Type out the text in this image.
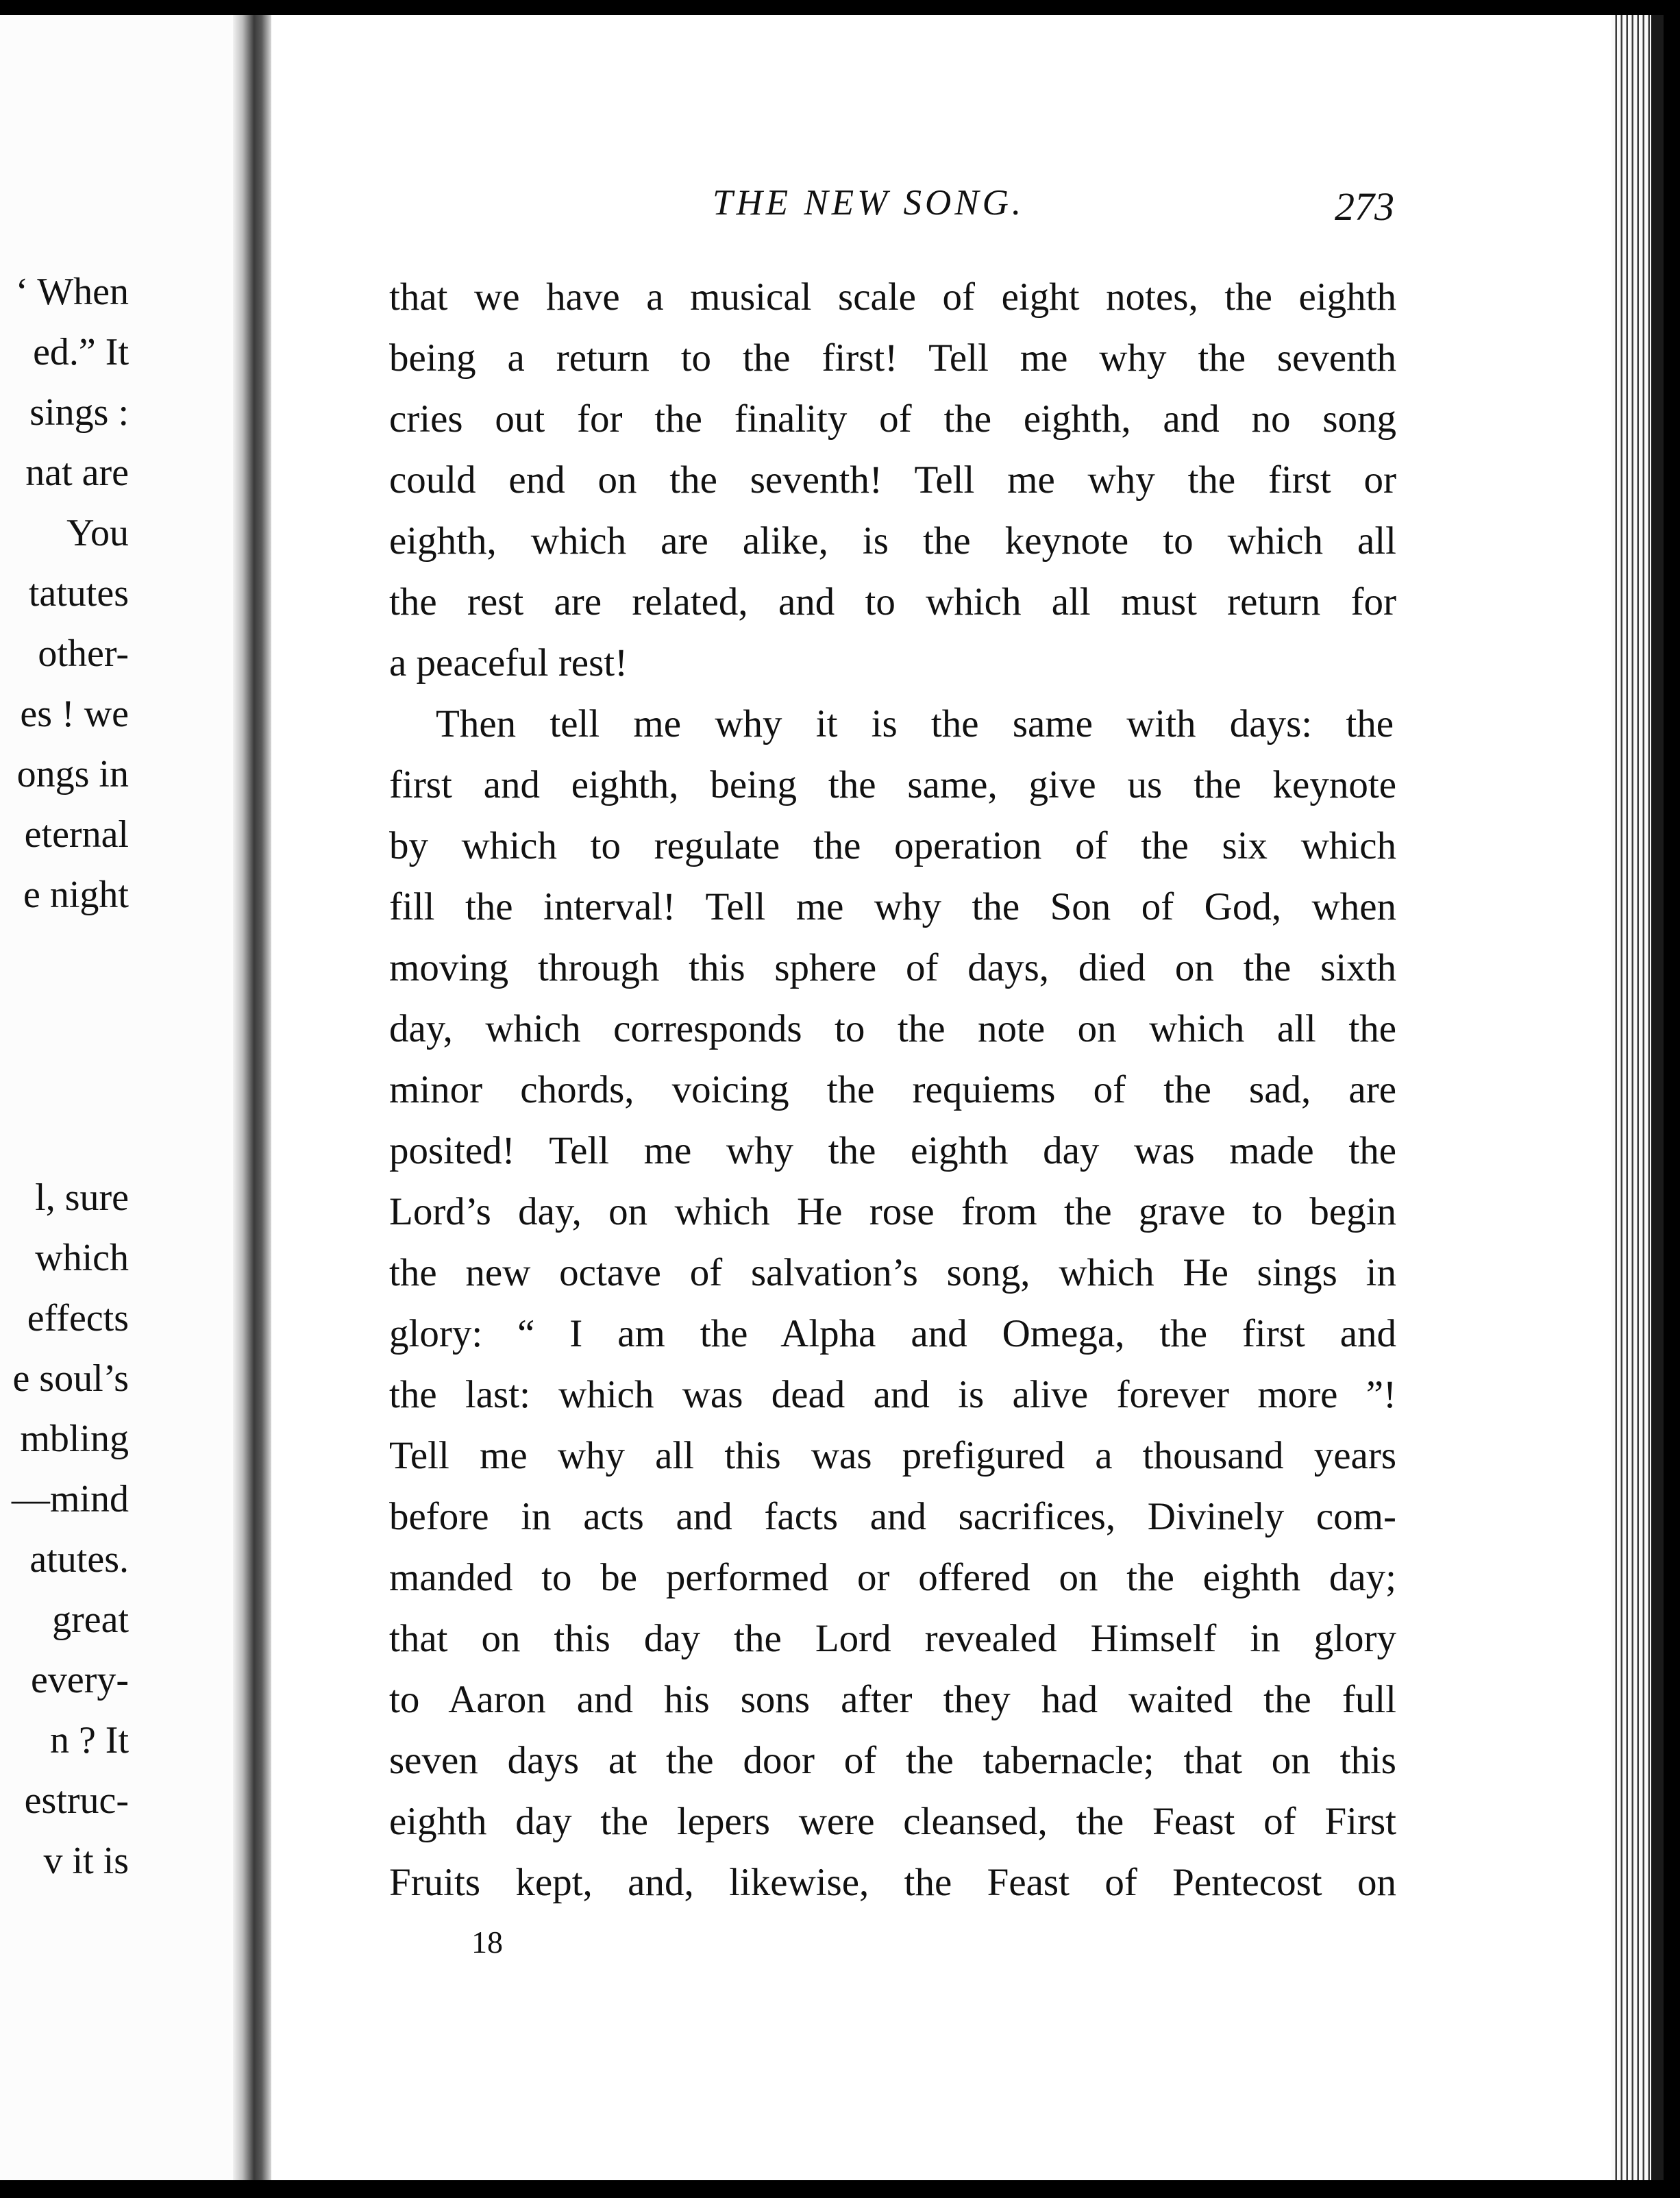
‘ When
ed.” It
sings :
nat are
You
tatutes
other-
es ! we
ongs in
eternal
e night
l, sure
which
effects
e soul’s
mbling
—mind
atutes.
great
every-
n ? It
estruc-
v it is
THE NEW SONG.	273
that we have a musical scale of eight notes, the eighth
being a return to the first! Tell me why the seventh
cries out for the finality of the eighth, and no song
could end on the seventh! Tell me why the first or
eighth, which are alike, is the keynote to which all
the rest are related, and to which all must return for
a peaceful rest!
Then tell me why it is the same with days: the
first and eighth, being the same, give us the keynote
by which to regulate the operation of the six which
fill the interval! Tell me why the Son of God, when
moving through this sphere of days, died on the sixth
day, which corresponds to the note on which all the
minor chords, voicing the requiems of the sad, are
posited! Tell me why the eighth day was made the
Lord’s day, on which He rose from the grave to begin
the new octave of salvation’s song, which He sings in
glory: “ I am the Alpha and Omega, the first and
the last: which was dead and is alive forever more ”!
Tell me why all this was prefigured a thousand years
before in acts and facts and sacrifices, Divinely com-
manded to be performed or offered on the eighth day;
that on this day the Lord revealed Himself in glory
to Aaron and his sons after they had waited the full
seven days at the door of the tabernacle; that on this
eighth day the lepers were cleansed, the Feast of First
Fruits kept, and, likewise, the Feast of Pentecost on
18
